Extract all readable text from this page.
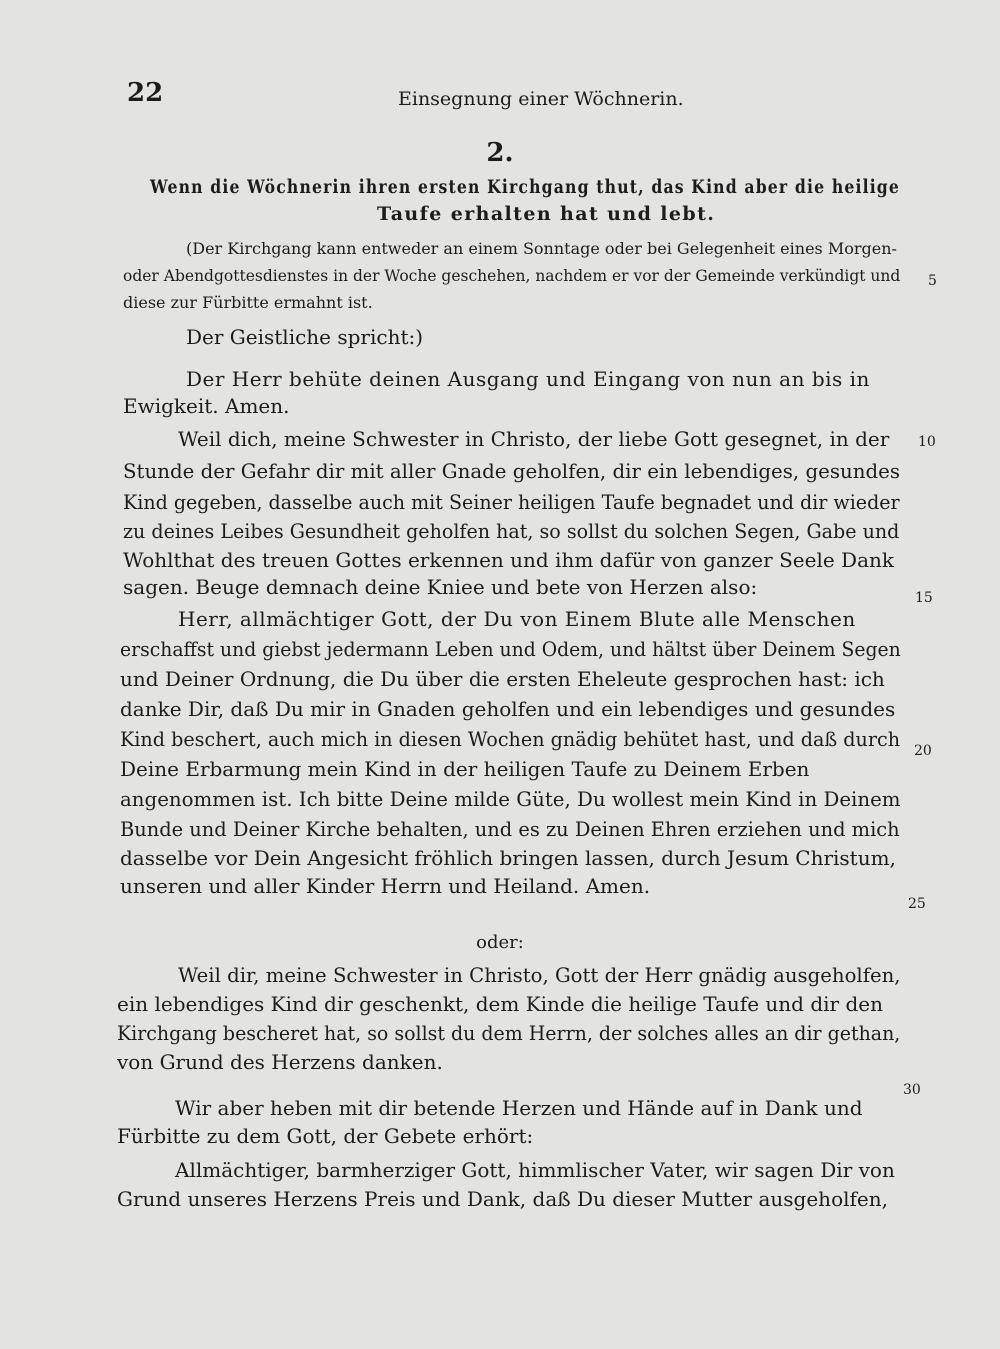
22	Einsegnung einer Wöchnerin.
2.
Wenn die Wöchnerin ihren ersten Kirchgang thut, das Kind aber die heilige
Taufe erhalten hat und lebt.
(Der Kirchgang kann entweder an einem Sonntage oder bei Gelegenheit eines Morgen-
oder Abendgottesdienstes in der Woche geschehen, nachdem er vor der Gemeinde verkündigt und
diese zur Fürbitte ermahnt ist.
Der Geistliche spricht:)
Der Herr behüte deinen Ausgang und Eingang von nun an bis in
Ewigkeit. Amen.
Weil dich, meine Schwester in Christo, der liebe Gott gesegnet, in der
Stunde der Gefahr dir mit aller Gnade geholfen, dir ein lebendiges, gesundes
Kind gegeben, dasselbe auch mit Seiner heiligen Taufe begnadet und dir wieder
zu deines Leibes Gesundheit geholfen hat, so sollst du solchen Segen, Gabe und
Wohlthat des treuen Gottes erkennen und ihm dafür von ganzer Seele Dank
sagen. Beuge demnach deine Kniee und bete von Herzen also:
Herr, allmächtiger Gott, der Du von Einem Blute alle Menschen
erschaffst und giebst jedermann Leben und Odem, und hältst über Deinem Segen
und Deiner Ordnung, die Du über die ersten Eheleute gesprochen hast: ich
danke Dir, daß Du mir in Gnaden geholfen und ein lebendiges und gesundes
Kind beschert, auch mich in diesen Wochen gnädig behütet hast, und daß durch
Deine Erbarmung mein Kind in der heiligen Taufe zu Deinem Erben
angenommen ist. Ich bitte Deine milde Güte, Du wollest mein Kind in Deinem
Bunde und Deiner Kirche behalten, und es zu Deinen Ehren erziehen und mich
dasselbe vor Dein Angesicht fröhlich bringen lassen, durch Jesum Christum,
unseren und aller Kinder Herrn und Heiland. Amen.
oder:
Weil dir, meine Schwester in Christo, Gott der Herr gnädig ausgeholfen,
ein lebendiges Kind dir geschenkt, dem Kinde die heilige Taufe und dir den
Kirchgang bescheret hat, so sollst du dem Herrn, der solches alles an dir gethan,
von Grund des Herzens danken.
Wir aber heben mit dir betende Herzen und Hände auf in Dank und
Fürbitte zu dem Gott, der Gebete erhört:
Allmächtiger, barmherziger Gott, himmlischer Vater, wir sagen Dir von
Grund unseres Herzens Preis und Dank, daß Du dieser Mutter ausgeholfen,
5
10
15
20
25
30
